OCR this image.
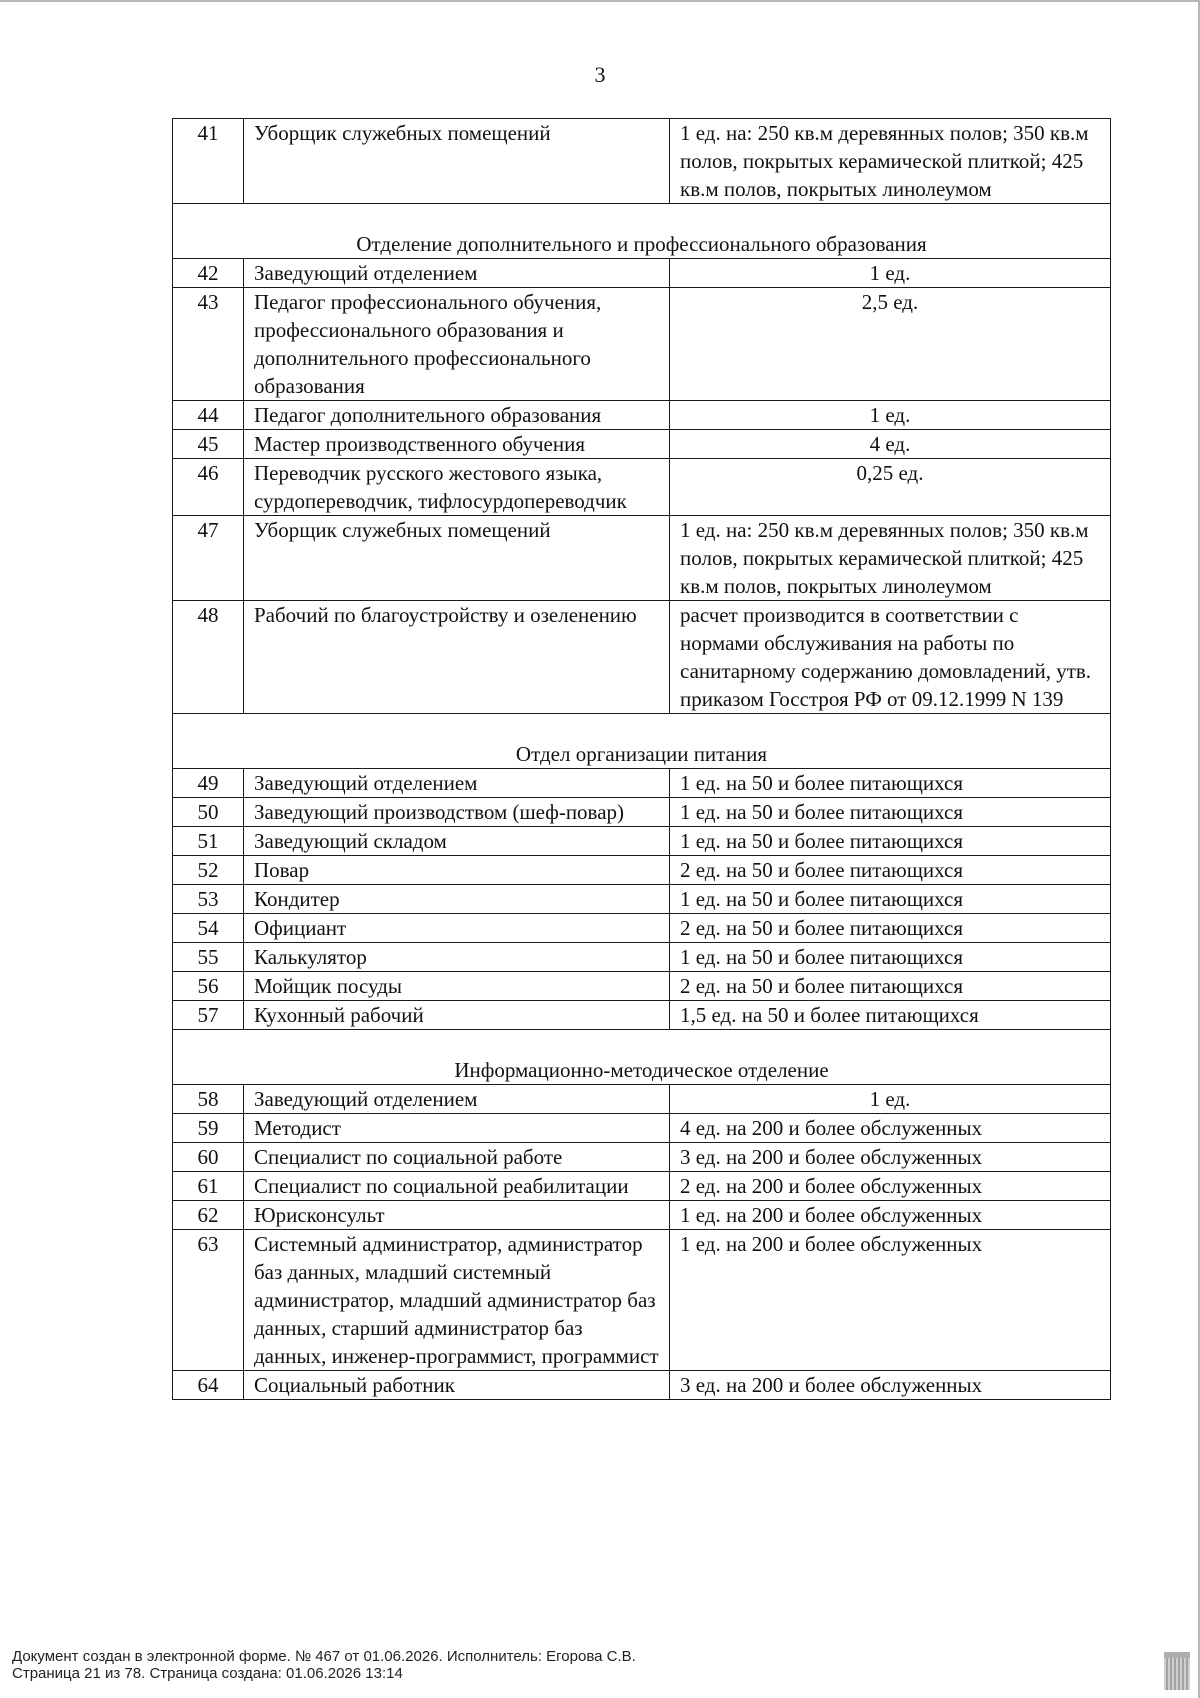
3
41	Уборщик служебных помещений	1 ед. на: 250 кв.м деревянных полов; 350 кв.м полов, покрытых керамической плиткой; 425 кв.м полов, покрытых линолеумом
Отделение дополнительного и профессионального образования		
42	Заведующий отделением	1 ед.
43	Педагог профессионального обучения, профессионального образования и дополнительного профессионального образования	2,5 ед.
44	Педагог дополнительного образования	1 ед.
45	Мастер производственного обучения	4 ед.
46	Переводчик русского жестового языка, сурдопереводчик, тифлосурдопереводчик	0,25 ед.
47	Уборщик служебных помещений	1 ед. на: 250 кв.м деревянных полов; 350 кв.м полов, покрытых керамической плиткой; 425 кв.м полов, покрытых линолеумом
48	Рабочий по благоустройству и озеленению	расчет производится в соответствии с нормами обслуживания на работы по санитарному содержанию домовладений, утв. приказом Госстроя РФ от 09.12.1999 N 139
Отдел организации питания		
49	Заведующий отделением	1 ед. на 50 и более питающихся
50	Заведующий производством (шеф-повар)	1 ед. на 50 и более питающихся
51	Заведующий складом	1 ед. на 50 и более питающихся
52	Повар	2 ед. на 50 и более питающихся
53	Кондитер	1 ед. на 50 и более питающихся
54	Официант	2 ед. на 50 и более питающихся
55	Калькулятор	1 ед. на 50 и более питающихся
56	Мойщик посуды	2 ед. на 50 и более питающихся
57	Кухонный рабочий	1,5 ед. на 50 и более питающихся
Информационно-методическое отделение		
58	Заведующий отделением	1 ед.
59	Методист	4 ед. на 200 и более обслуженных
60	Специалист по социальной работе	3 ед. на 200 и более обслуженных
61	Специалист по социальной реабилитации	2 ед. на 200 и более обслуженных
62	Юрисконсульт	1 ед. на 200 и более обслуженных
63	Системный администратор, администратор баз данных, младший системный администратор, младший администратор баз данных, старший администратор баз данных, инженер-программист, программист	1 ед. на 200 и более обслуженных
64	Социальный работник	3 ед. на 200 и более обслуженных
Документ создан в электронной форме. № 467 от 01.06.2026. Исполнитель: Егорова С.В.
Страница 21 из 78. Страница создана: 01.06.2026 13:14
